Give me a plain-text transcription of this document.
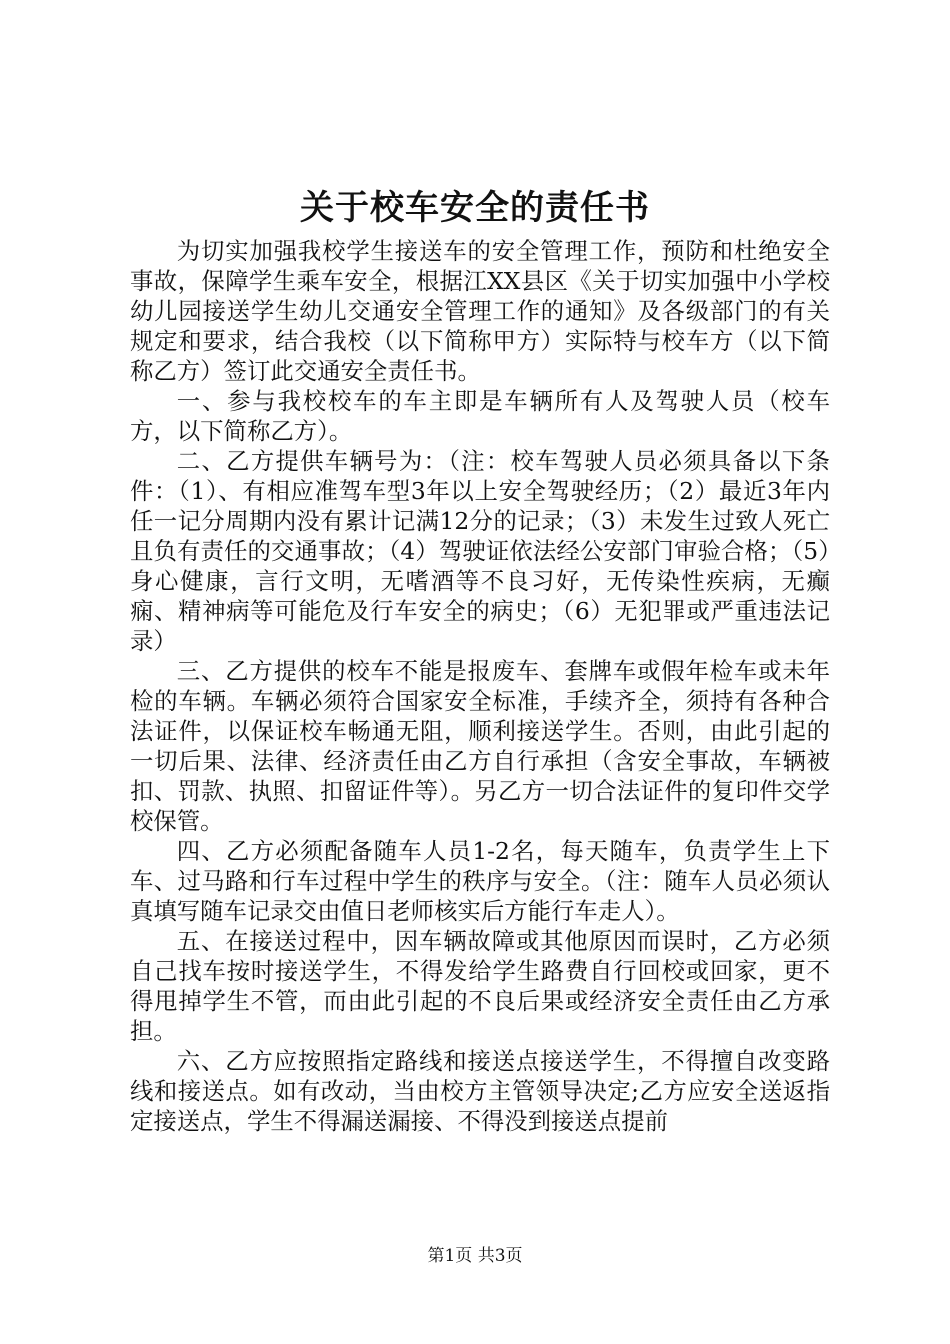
关于校车安全的责任书

为切实加强我校学生接送车的安全管理工作，预防和杜绝安全事故，保障学生乘车安全，根据江XX县区《关于切实加强中小学校幼儿园接送学生幼儿交通安全管理工作的通知》及各级部门的有关规定和要求，结合我校（以下简称甲方）实际特与校车方（以下简称乙方）签订此交通安全责任书。

一、参与我校校车的车主即是车辆所有人及驾驶人员（校车方，以下简称乙方）。

二、乙方提供车辆号为：（注：校车驾驶人员必须具备以下条件：（1）、有相应准驾车型3年以上安全驾驶经历；（2）最近3年内任一记分周期内没有累计记满12分的记录；（3）未发生过致人死亡且负有责任的交通事故；（4）驾驶证依法经公安部门审验合格；（5）身心健康，言行文明，无嗜酒等不良习好，无传染性疾病，无癫痫、精神病等可能危及行车安全的病史；（6）无犯罪或严重违法记录）

三、乙方提供的校车不能是报废车、套牌车或假年检车或未年检的车辆。车辆必须符合国家安全标准，手续齐全，须持有各种合法证件，以保证校车畅通无阻，顺利接送学生。否则，由此引起的一切后果、法律、经济责任由乙方自行承担（含安全事故，车辆被扣、罚款、执照、扣留证件等）。另乙方一切合法证件的复印件交学校保管。

四、乙方必须配备随车人员1-2名，每天随车，负责学生上下车、过马路和行车过程中学生的秩序与安全。（注：随车人员必须认真填写随车记录交由值日老师核实后方能行车走人）。

五、在接送过程中，因车辆故障或其他原因而误时，乙方必须自己找车按时接送学生，不得发给学生路费自行回校或回家，更不得甩掉学生不管，而由此引起的不良后果或经济安全责任由乙方承担。

六、乙方应按照指定路线和接送点接送学生，不得擅自改变路线和接送点。如有改动，当由校方主管领导决定;乙方应安全送返指定接送点，学生不得漏送漏接、不得没到接送点提前

第1页 共3页
